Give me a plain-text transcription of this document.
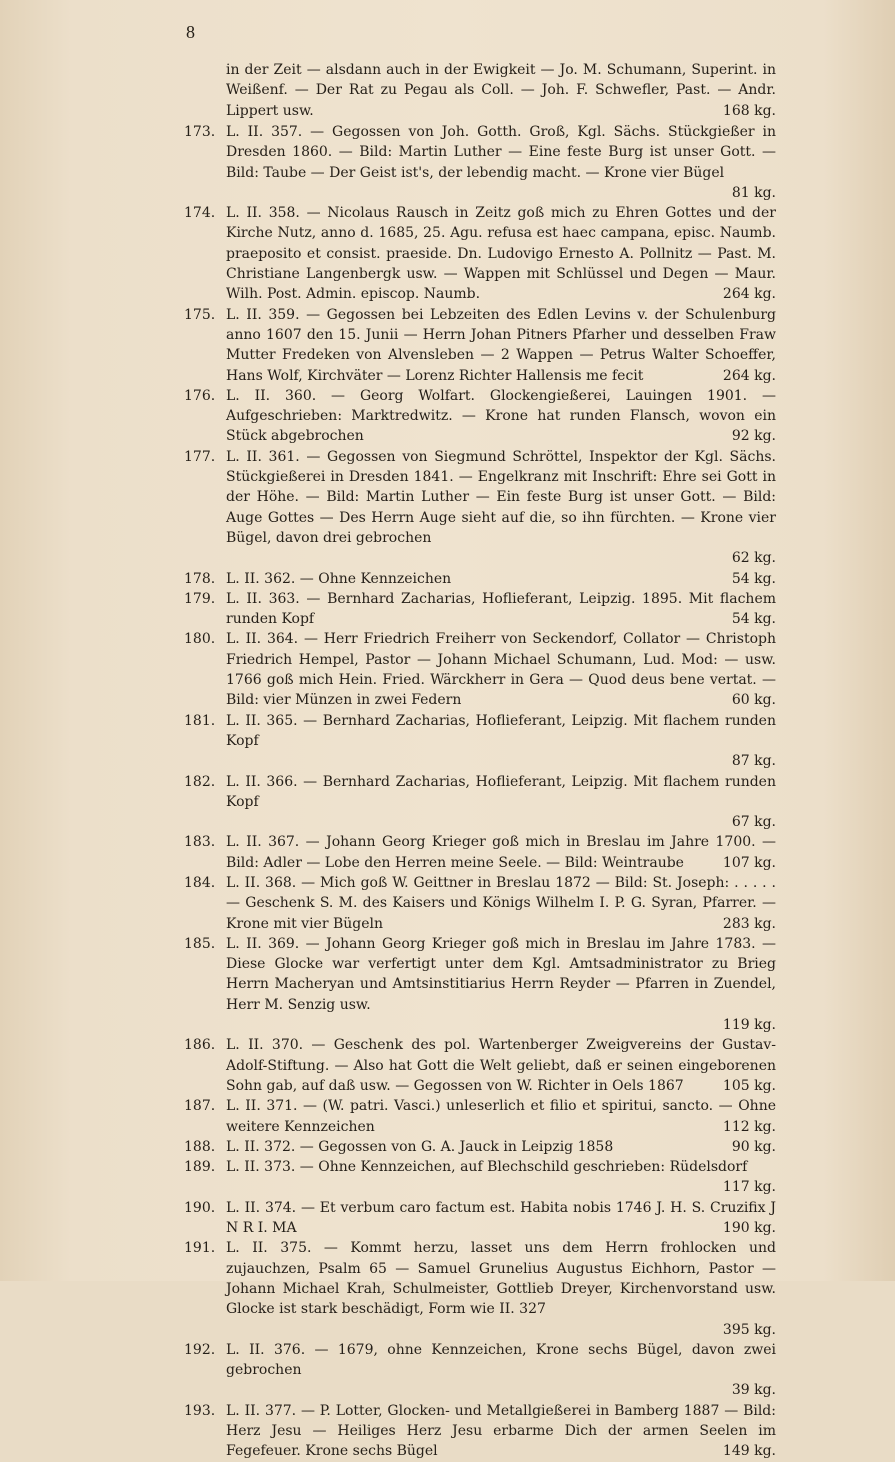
8
in der Zeit — alsdann auch in der Ewigkeit — Jo. M. Schumann, Superint. in Weißenf. — Der Rat zu Pegau als Coll. — Joh. F. Schwefler, Past. — Andr. Lippert usw.	168 kg.
173. L. II. 357. — Gegossen von Joh. Gotth. Groß, Kgl. Sächs. Stückgießer in Dresden 1860. — Bild: Martin Luther — Eine feste Burg ist unser Gott. — Bild: Taube — Der Geist ist's, der lebendig macht. — Krone vier Bügel
81 kg.
174. L. II. 358. — Nicolaus Rausch in Zeitz goß mich zu Ehren Gottes und der Kirche Nutz, anno d. 1685, 25. Agu. refusa est haec campana, episc. Naumb. praeposito et consist. praeside. Dn. Ludovigo Ernesto A. Pollnitz — Past. M. Christiane Langenbergk usw. — Wappen mit Schlüssel und Degen — Maur. Wilh. Post. Admin. episcop. Naumb.	264 kg.
175. L. II. 359. — Gegossen bei Lebzeiten des Edlen Levins v. der Schulenburg anno 1607 den 15. Junii — Herrn Johan Pitners Pfarher und desselben Fraw Mutter Fredeken von Alvensleben — 2 Wappen — Petrus Walter Schoeffer, Hans Wolf, Kirchväter — Lorenz Richter Hallensis me fecit	264 kg.
176. L. II. 360. — Georg Wolfart. Glockengießerei, Lauingen 1901. — Aufgeschrieben: Marktredwitz. — Krone hat runden Flansch, wovon ein Stück abgebrochen	92 kg.
177. L. II. 361. — Gegossen von Siegmund Schröttel, Inspektor der Kgl. Sächs. Stückgießerei in Dresden 1841. — Engelkranz mit Inschrift: Ehre sei Gott in der Höhe. — Bild: Martin Luther — Ein feste Burg ist unser Gott. — Bild: Auge Gottes — Des Herrn Auge sieht auf die, so ihn fürchten. — Krone vier Bügel, davon drei gebrochen
62 kg.
178. L. II. 362. — Ohne Kennzeichen	54 kg.
179. L. II. 363. — Bernhard Zacharias, Hoflieferant, Leipzig. 1895. Mit flachem runden Kopf	54 kg.
180. L. II. 364. — Herr Friedrich Freiherr von Seckendorf, Collator — Christoph Friedrich Hempel, Pastor — Johann Michael Schumann, Lud. Mod: — usw. 1766 goß mich Hein. Fried. Wärckherr in Gera — Quod deus bene vertat. — Bild: vier Münzen in zwei Federn	60 kg.
181. L. II. 365. — Bernhard Zacharias, Hoflieferant, Leipzig. Mit flachem runden Kopf
87 kg.
182. L. II. 366. — Bernhard Zacharias, Hoflieferant, Leipzig. Mit flachem runden Kopf
67 kg.
183. L. II. 367. — Johann Georg Krieger goß mich in Breslau im Jahre 1700. — Bild: Adler — Lobe den Herren meine Seele. — Bild: Weintraube	107 kg.
184. L. II. 368. — Mich goß W. Geittner in Breslau 1872 — Bild: St. Joseph: . . . . . — Geschenk S. M. des Kaisers und Königs Wilhelm I. P. G. Syran, Pfarrer. — Krone mit vier Bügeln	283 kg.
185. L. II. 369. — Johann Georg Krieger goß mich in Breslau im Jahre 1783. — Diese Glocke war verfertigt unter dem Kgl. Amtsadministrator zu Brieg Herrn Macheryan und Amtsinstitiarius Herrn Reyder — Pfarren in Zuendel, Herr M. Senzig usw.
119 kg.
186. L. II. 370. — Geschenk des pol. Wartenberger Zweigvereins der Gustav-Adolf-Stiftung. — Also hat Gott die Welt geliebt, daß er seinen eingeborenen Sohn gab, auf daß usw. — Gegossen von W. Richter in Oels 1867	105 kg.
187. L. II. 371. — (W. patri. Vasci.) unleserlich et filio et spiritui, sancto. — Ohne weitere Kennzeichen	112 kg.
188. L. II. 372. — Gegossen von G. A. Jauck in Leipzig 1858	90 kg.
189. L. II. 373. — Ohne Kennzeichen, auf Blechschild geschrieben: Rüdelsdorf
117 kg.
190. L. II. 374. — Et verbum caro factum est. Habita nobis 1746 J. H. S. Cruzifix J N R I. MA	190 kg.
191. L. II. 375. — Kommt herzu, lasset uns dem Herrn frohlocken und zujauchzen, Psalm 65 — Samuel Grunelius Augustus Eichhorn, Pastor — Johann Michael Krah, Schulmeister, Gottlieb Dreyer, Kirchenvorstand usw. Glocke ist stark beschädigt, Form wie II. 327
395 kg.
192. L. II. 376. — 1679, ohne Kennzeichen, Krone sechs Bügel, davon zwei gebrochen
39 kg.
193. L. II. 377. — P. Lotter, Glocken- und Metallgießerei in Bamberg 1887 — Bild: Herz Jesu — Heiliges Herz Jesu erbarme Dich der armen Seelen im Fegefeuer. Krone sechs Bügel	149 kg.
